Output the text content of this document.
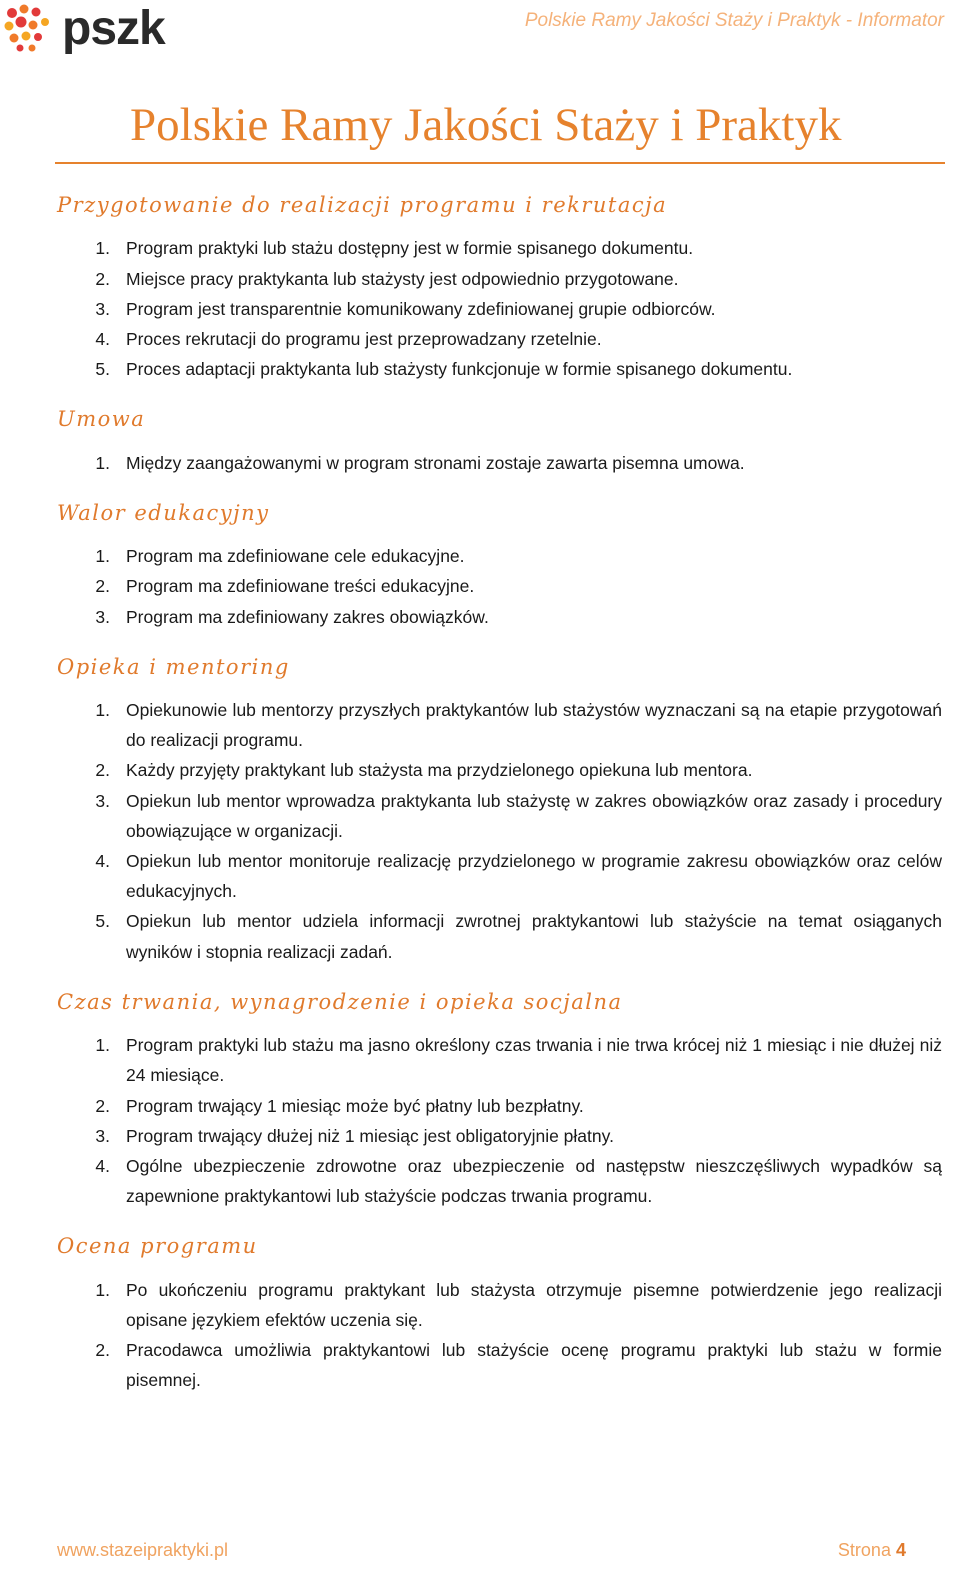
pszk	Polskie Ramy Jakości Staży i Praktyk - Informator
Polskie Ramy Jakości Staży i Praktyk
Przygotowanie do realizacji programu i rekrutacja
1. Program praktyki lub stażu dostępny jest w formie spisanego dokumentu.
2. Miejsce pracy praktykanta lub stażysty jest odpowiednio przygotowane.
3. Program jest transparentnie komunikowany zdefiniowanej grupie odbiorców.
4. Proces rekrutacji do programu jest przeprowadzany rzetelnie.
5. Proces adaptacji praktykanta lub stażysty funkcjonuje w formie spisanego dokumentu.
Umowa
1. Między zaangażowanymi w program stronami zostaje zawarta pisemna umowa.
Walor edukacyjny
1. Program ma zdefiniowane cele edukacyjne.
2. Program ma zdefiniowane treści edukacyjne.
3. Program ma zdefiniowany zakres obowiązków.
Opieka i mentoring
1. Opiekunowie lub mentorzy przyszłych praktykantów lub stażystów wyznaczani są na etapie przygotowań do realizacji programu.
2. Każdy przyjęty praktykant lub stażysta ma przydzielonego opiekuna lub mentora.
3. Opiekun lub mentor wprowadza praktykanta lub stażystę w zakres obowiązków oraz zasady i procedury obowiązujące w organizacji.
4. Opiekun lub mentor monitoruje realizację przydzielonego w programie zakresu obowiązków oraz celów edukacyjnych.
5. Opiekun lub mentor udziela informacji zwrotnej praktykantowi lub stażyście na temat osiąganych wyników i stopnia realizacji zadań.
Czas trwania, wynagrodzenie i opieka socjalna
1. Program praktyki lub stażu ma jasno określony czas trwania i nie trwa krócej niż 1 miesiąc i nie dłużej niż 24 miesiące.
2. Program trwający 1 miesiąc może być płatny lub bezpłatny.
3. Program trwający dłużej niż 1 miesiąc jest obligatoryjnie płatny.
4. Ogólne ubezpieczenie zdrowotne oraz ubezpieczenie od następstw nieszczęśliwych wypadków są zapewnione praktykantowi lub stażyście podczas trwania programu.
Ocena programu
1. Po ukończeniu programu praktykant lub stażysta otrzymuje pisemne potwierdzenie jego realizacji opisane językiem efektów uczenia się.
2. Pracodawca umożliwia praktykantowi lub stażyście ocenę programu praktyki lub stażu w formie pisemnej.
www.stazeipraktyki.pl	Strona 4
